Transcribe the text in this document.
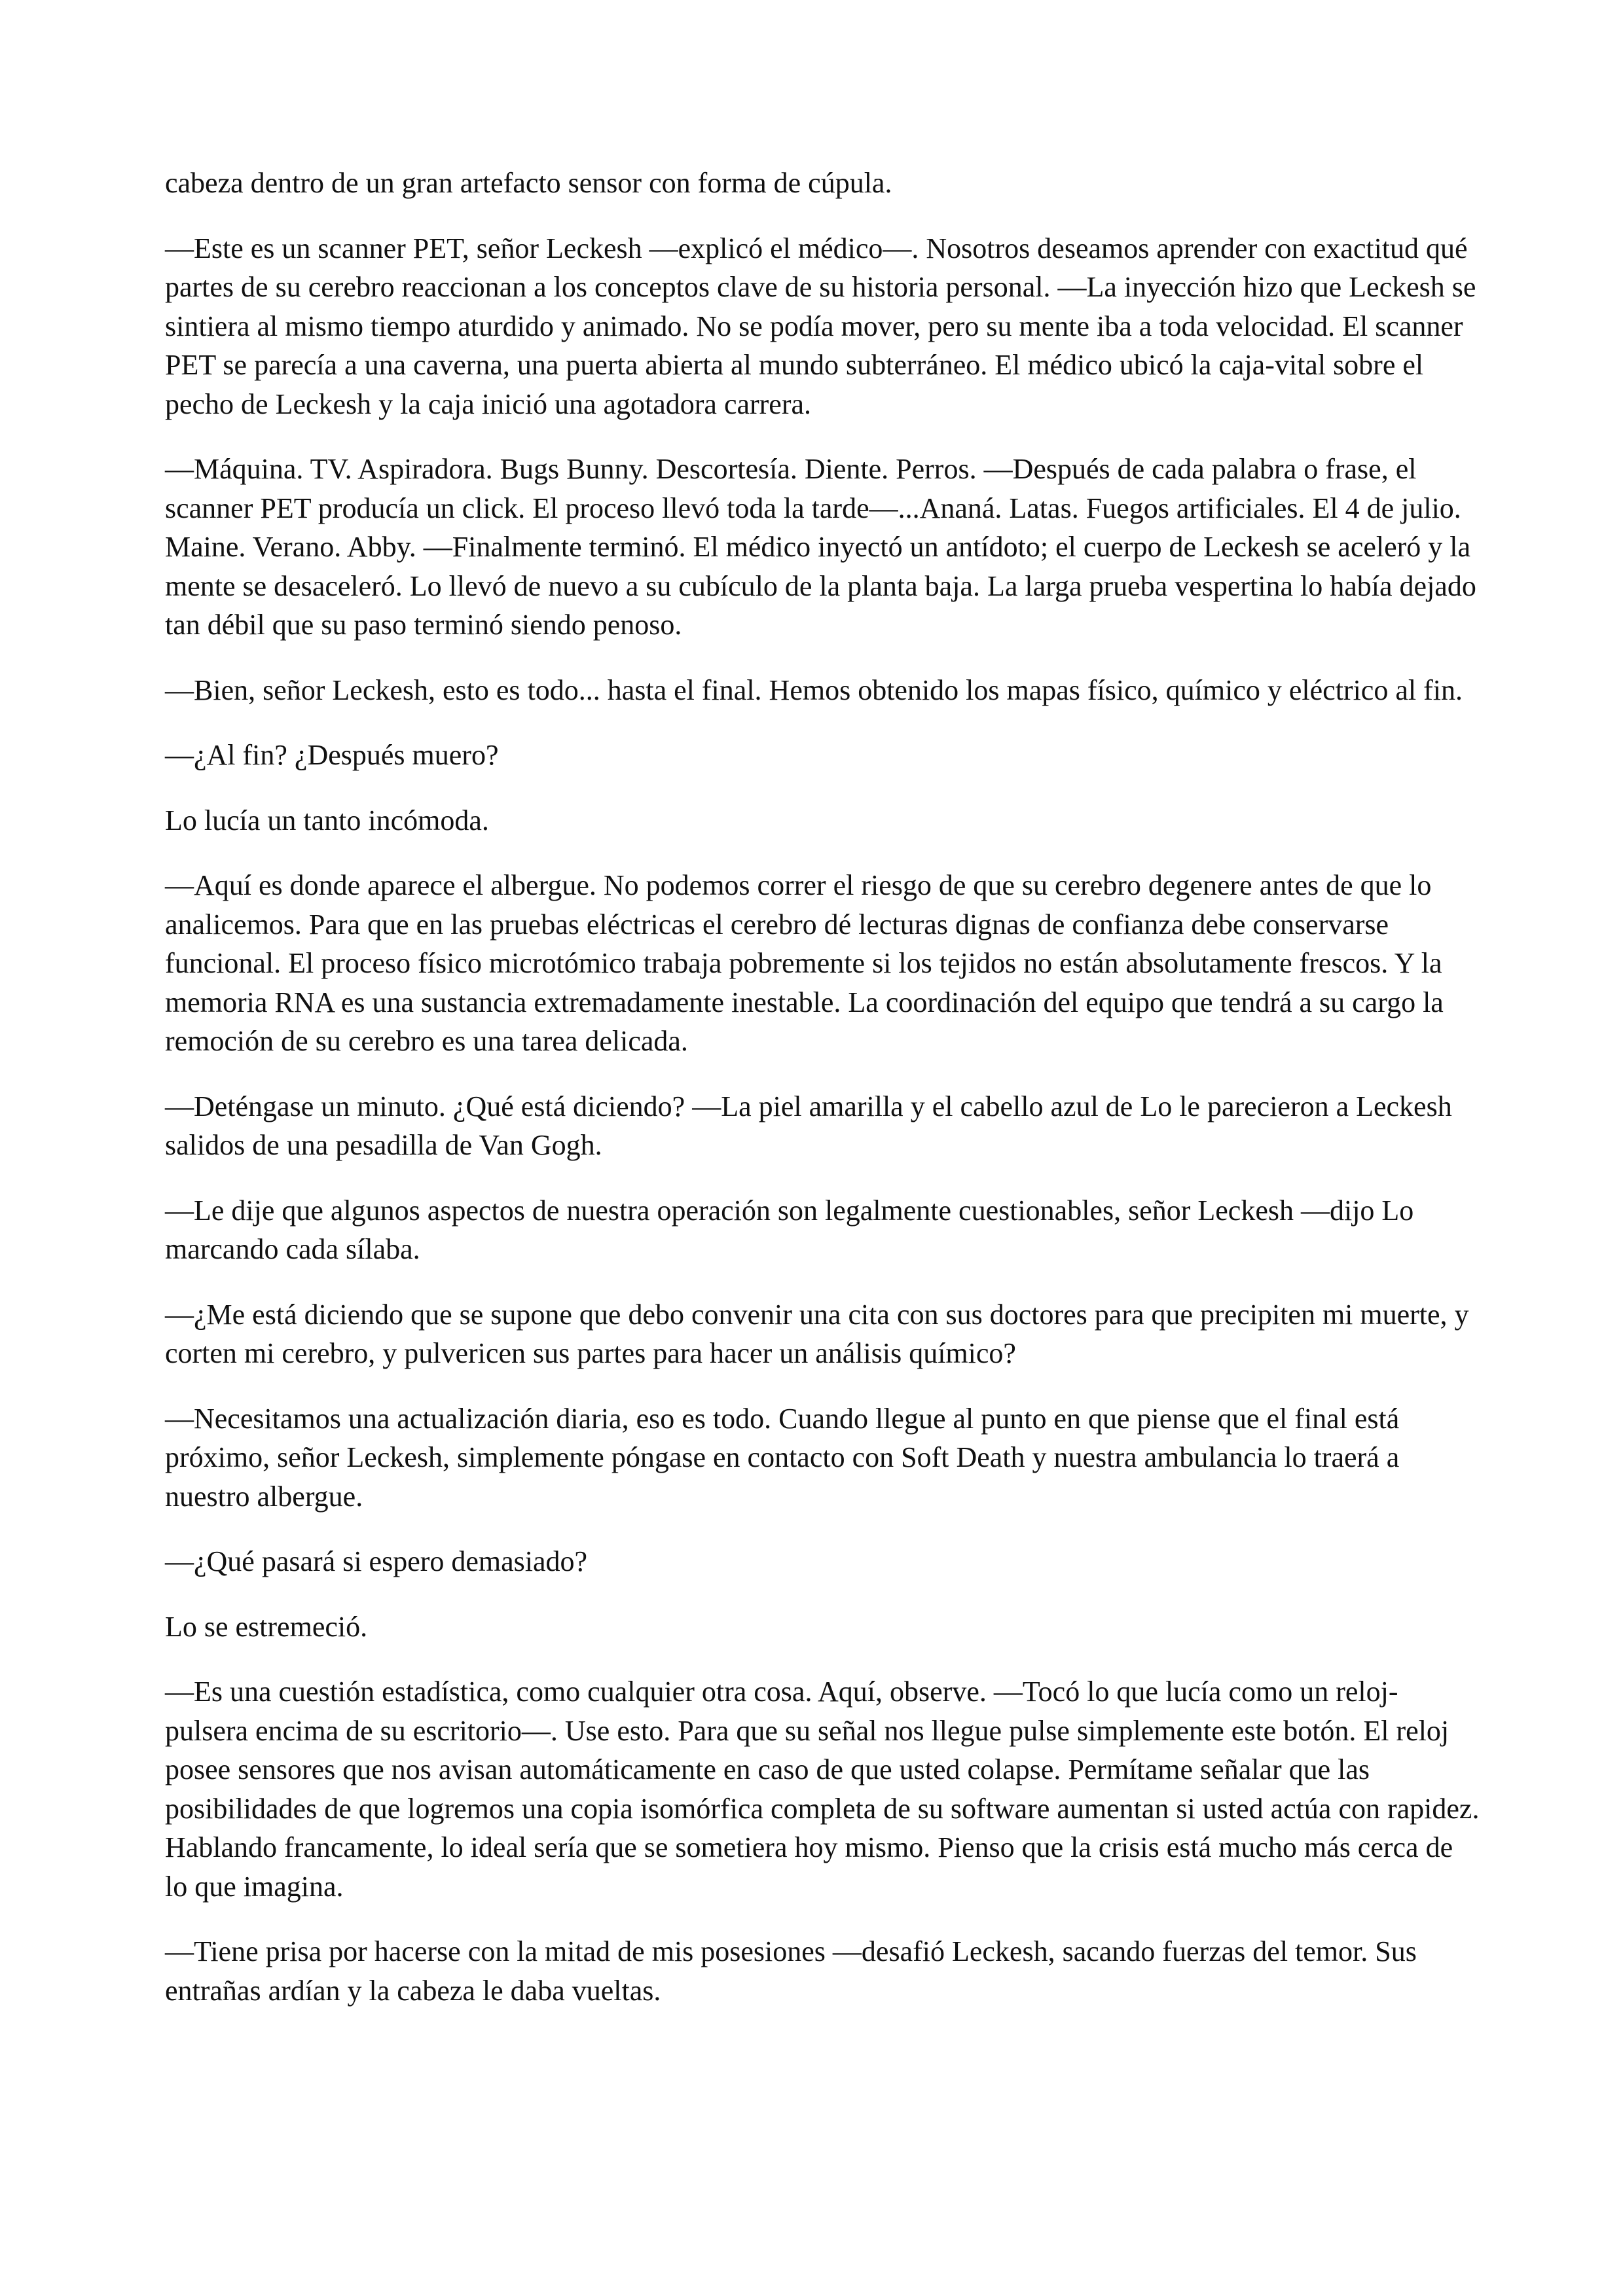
cabeza dentro de un gran artefacto sensor con forma de cúpula.

—Este es un scanner PET, señor Leckesh —explicó el médico—. Nosotros deseamos aprender con exactitud qué partes de su cerebro reaccionan a los conceptos clave de su historia personal. —La inyección hizo que Leckesh se sintiera al mismo tiempo aturdido y animado. No se podía mover, pero su mente iba a toda velocidad. El scanner PET se parecía a una caverna, una puerta abierta al mundo subterráneo. El médico ubicó la caja-vital sobre el pecho de Leckesh y la caja inició una agotadora carrera.

—Máquina. TV. Aspiradora. Bugs Bunny. Descortesía. Diente. Perros. —Después de cada palabra o frase, el scanner PET producía un click. El proceso llevó toda la tarde—...Ananá. Latas. Fuegos artificiales. El 4 de julio. Maine. Verano. Abby. —Finalmente terminó. El médico inyectó un antídoto; el cuerpo de Leckesh se aceleró y la mente se desaceleró. Lo llevó de nuevo a su cubículo de la planta baja. La larga prueba vespertina lo había dejado tan débil que su paso terminó siendo penoso.

—Bien, señor Leckesh, esto es todo... hasta el final. Hemos obtenido los mapas físico, químico y eléctrico al fin.

—¿Al fin? ¿Después muero?

Lo lucía un tanto incómoda.

—Aquí es donde aparece el albergue. No podemos correr el riesgo de que su cerebro degenere antes de que lo analicemos. Para que en las pruebas eléctricas el cerebro dé lecturas dignas de confianza debe conservarse funcional. El proceso físico microtómico trabaja pobremente si los tejidos no están absolutamente frescos. Y la memoria RNA es una sustancia extremadamente inestable. La coordinación del equipo que tendrá a su cargo la remoción de su cerebro es una tarea delicada.

—Deténgase un minuto. ¿Qué está diciendo? —La piel amarilla y el cabello azul de Lo le parecieron a Leckesh salidos de una pesadilla de Van Gogh.

—Le dije que algunos aspectos de nuestra operación son legalmente cuestionables, señor Leckesh —dijo Lo marcando cada sílaba.

—¿Me está diciendo que se supone que debo convenir una cita con sus doctores para que precipiten mi muerte, y corten mi cerebro, y pulvericen sus partes para hacer un análisis químico?

—Necesitamos una actualización diaria, eso es todo. Cuando llegue al punto en que piense que el final está próximo, señor Leckesh, simplemente póngase en contacto con Soft Death y nuestra ambulancia lo traerá a nuestro albergue.

—¿Qué pasará si espero demasiado?

Lo se estremeció.

—Es una cuestión estadística, como cualquier otra cosa. Aquí, observe. —Tocó lo que lucía como un reloj-pulsera encima de su escritorio—. Use esto. Para que su señal nos llegue pulse simplemente este botón. El reloj posee sensores que nos avisan automáticamente en caso de que usted colapse. Permítame señalar que las posibilidades de que logremos una copia isomórfica completa de su software aumentan si usted actúa con rapidez. Hablando francamente, lo ideal sería que se sometiera hoy mismo. Pienso que la crisis está mucho más cerca de lo que imagina.

—Tiene prisa por hacerse con la mitad de mis posesiones —desafió Leckesh, sacando fuerzas del temor. Sus entrañas ardían y la cabeza le daba vueltas.
